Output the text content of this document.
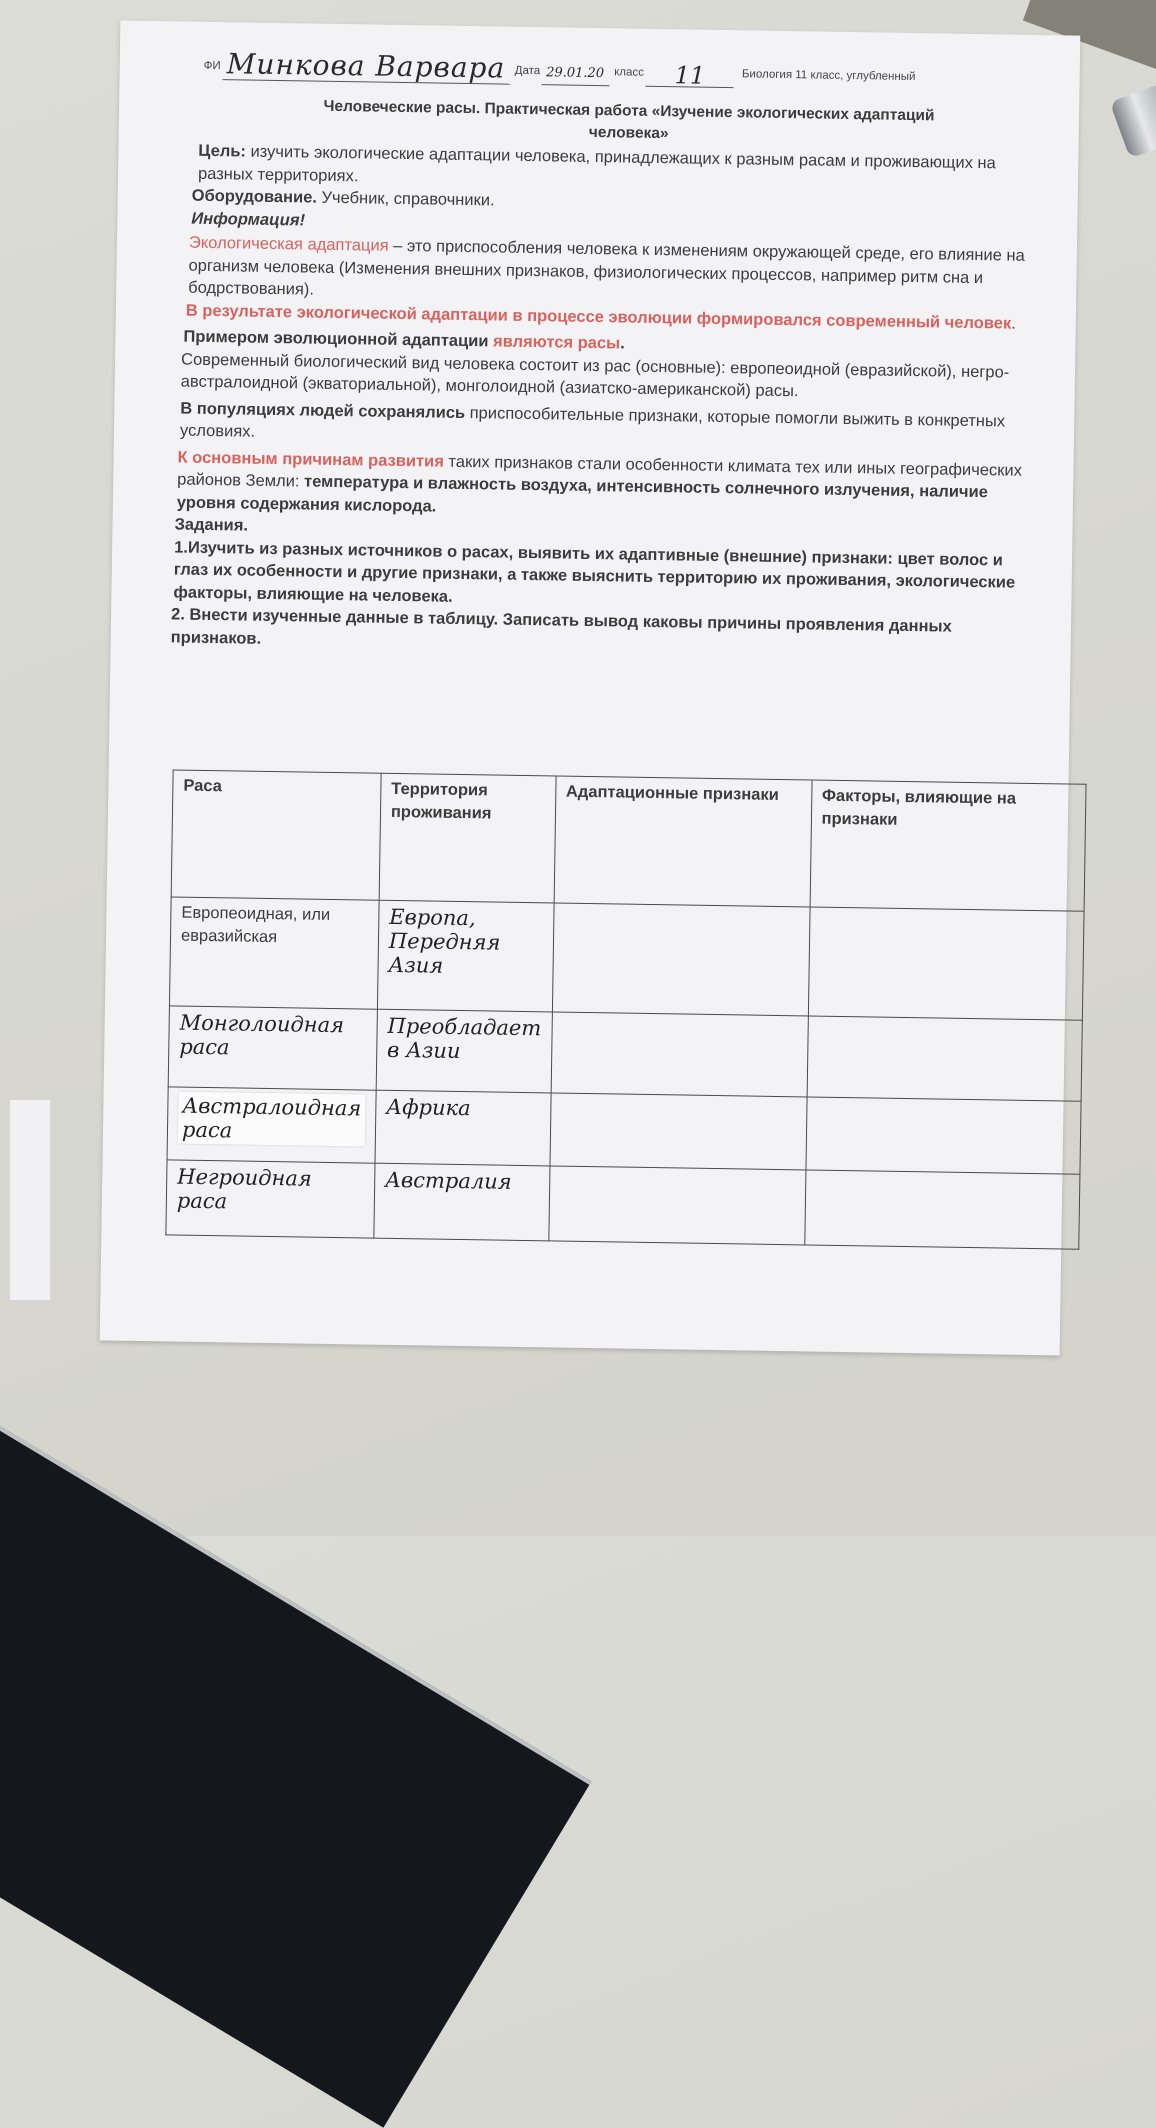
ФИ Минкова Варвара Дата 29.01.20 класс	11	Биология 11 класс, углубленный
Человеческие расы. Практическая работа «Изучение экологических адаптаций
человека»

Цель: изучить экологические адаптации человека, принадлежащих к разным расам и проживающих на разных территориях.

Оборудование. Учебник, справочники.

Информация!

Экологическая адаптация – это приспособления человека к изменениям окружающей среде, его влияние на организм человека (Изменения внешних признаков, физиологических процессов, например ритм сна и бодрствования).

В результате экологической адаптации в процессе эволюции формировался современный человек.

Примером эволюционной адаптации являются расы.

Современный биологический вид человека состоит из рас (основные): европеоидной (евразийской), негро-австралоидной (экваториальной), монголоидной (азиатско-американской) расы.

В популяциях людей сохранялись приспособительные признаки, которые помогли выжить в конкретных условиях.

К основным причинам развития таких признаков стали особенности климата тех или иных географических районов Земли: температура и влажность воздуха, интенсивность солнечного излучения, наличие уровня содержания кислорода.

Задания.

1.Изучить из разных источников о расах, выявить их адаптивные (внешние) признаки: цвет волос и глаз их особенности и другие признаки, а также выяснить территорию их проживания, экологические факторы, влияющие на человека.

2. Внести изученные данные в таблицу. Записать вывод каковы причины проявления данных признаков.

Раса	Территория проживания	Адаптационные признаки	Факторы, влияющие на признаки
Европеоидная, или евразийская	Европа, Передняя Азия		
Монголоидная раса	Преобладает в Азии		
Австралоидная раса	Африка		
Негроидная раса	Австралия		
